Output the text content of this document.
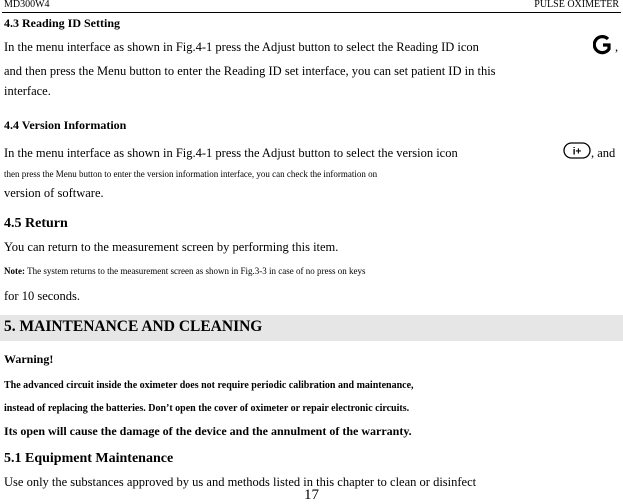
MD300W4	PULSE OXIMETER
4.3 Reading ID Setting
In the menu interface as shown in Fig.4-1 press the Adjust button to select the Reading ID icon	,
and then press the Menu button to enter the Reading ID set interface, you can set patient ID in this
interface.
4.4 Version Information
In the menu interface as shown in Fig.4-1 press the Adjust button to select the version icon	i+ , and
then press the Menu button to enter the version information interface, you can check the information on
version of software.
4.5 Return
You can return to the measurement screen by performing this item.
Note: The system returns to the measurement screen as shown in Fig.3-3 in case of no press on keys
for 10 seconds.
5. MAINTENANCE AND CLEANING
Warning!
The advanced circuit inside the oximeter does not require periodic calibration and maintenance,
instead of replacing the batteries. Don’t open the cover of oximeter or repair electronic circuits.
Its open will cause the damage of the device and the annulment of the warranty.
5.1 Equipment Maintenance
Use only the substances approved by us and methods listed in this chapter to clean or disinfect
17
